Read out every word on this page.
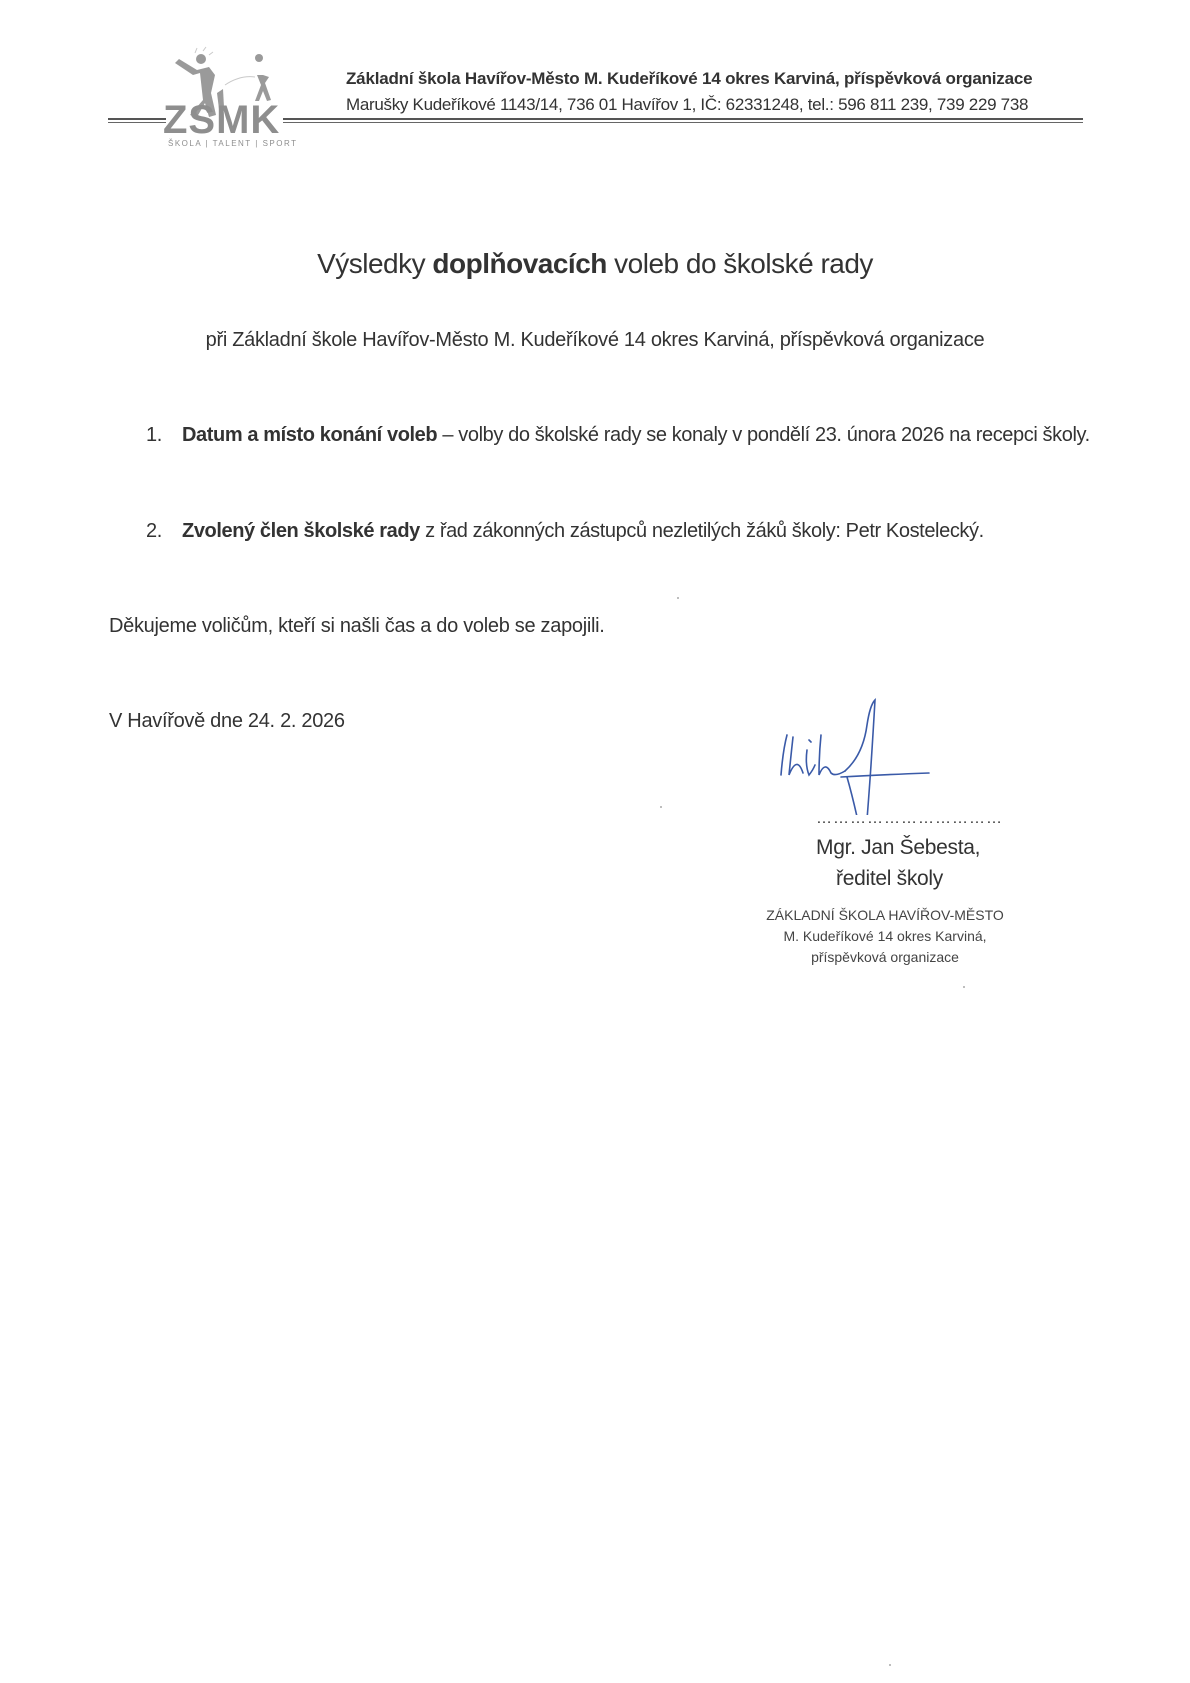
ZSMK
ŠKOLA | TALENT | SPORT
Základní škola Havířov-Město M. Kudeříkové 14 okres Karviná, příspěvková organizace
Marušky Kudeříkové 1143/14, 736 01 Havířov 1, IČ: 62331248, tel.: 596 811 239, 739 229 738
Výsledky doplňovacích voleb do školské rady
při Základní škole Havířov-Město M. Kudeříkové 14 okres Karviná, příspěvková organizace
1. Datum a místo konání voleb – volby do školské rady se konaly v pondělí 23. února 2026 na recepci školy.
2. Zvolený člen školské rady z řad zákonných zástupců nezletilých žáků školy: Petr Kostelecký.
Děkujeme voličům, kteří si našli čas a do voleb se zapojili.
V Havířově dne 24. 2. 2026
……………………………
Mgr. Jan Šebesta,
ředitel školy
ZÁKLADNÍ ŠKOLA HAVÍŘOV-MĚSTO
M. Kudeříkové 14 okres Karviná,
příspěvková organizace
